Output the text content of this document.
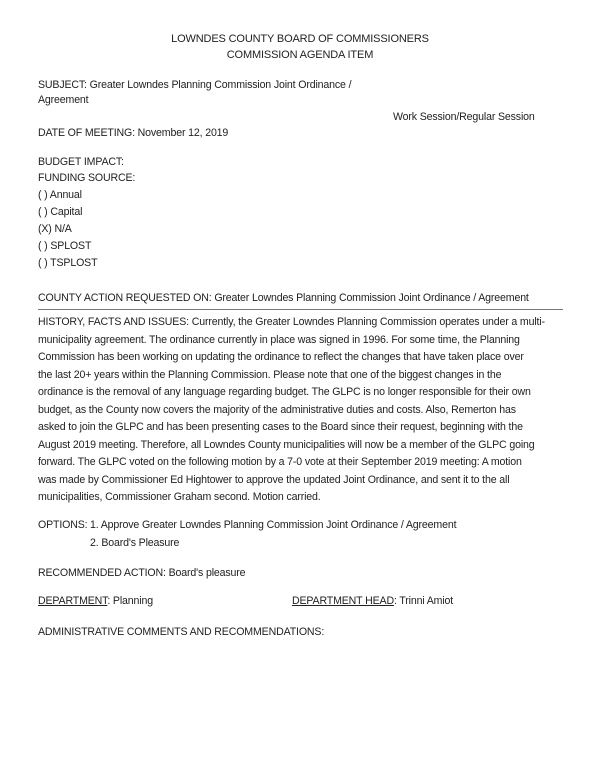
LOWNDES COUNTY BOARD OF COMMISSIONERS
COMMISSION AGENDA ITEM
SUBJECT: Greater Lowndes Planning Commission Joint Ordinance /
Agreement
Work Session/Regular Session
DATE OF MEETING: November 12, 2019
BUDGET IMPACT:
FUNDING SOURCE:
( ) Annual
( ) Capital
(X) N/A
( ) SPLOST
( ) TSPLOST
COUNTY ACTION REQUESTED ON: Greater Lowndes Planning Commission Joint Ordinance / Agreement
HISTORY, FACTS AND ISSUES: Currently, the Greater Lowndes Planning Commission operates under a multi-
municipality agreement. The ordinance currently in place was signed in 1996. For some time, the Planning
Commission has been working on updating the ordinance to reflect the changes that have taken place over
the last 20+ years within the Planning Commission. Please note that one of the biggest changes in the
ordinance is the removal of any language regarding budget. The GLPC is no longer responsible for their own
budget, as the County now covers the majority of the administrative duties and costs. Also, Remerton has
asked to join the GLPC and has been presenting cases to the Board since their request, beginning with the
August 2019 meeting. Therefore, all Lowndes County municipalities will now be a member of the GLPC going
forward. The GLPC voted on the following motion by a 7-0 vote at their September 2019 meeting: A motion
was made by Commissioner Ed Hightower to approve the updated Joint Ordinance, and sent it to the all
municipalities, Commissioner Graham second. Motion carried.
OPTIONS: 1. Approve Greater Lowndes Planning Commission Joint Ordinance / Agreement
2. Board's Pleasure
RECOMMENDED ACTION: Board's pleasure
DEPARTMENT: Planning	DEPARTMENT HEAD: Trinni Amiot
ADMINISTRATIVE COMMENTS AND RECOMMENDATIONS:
